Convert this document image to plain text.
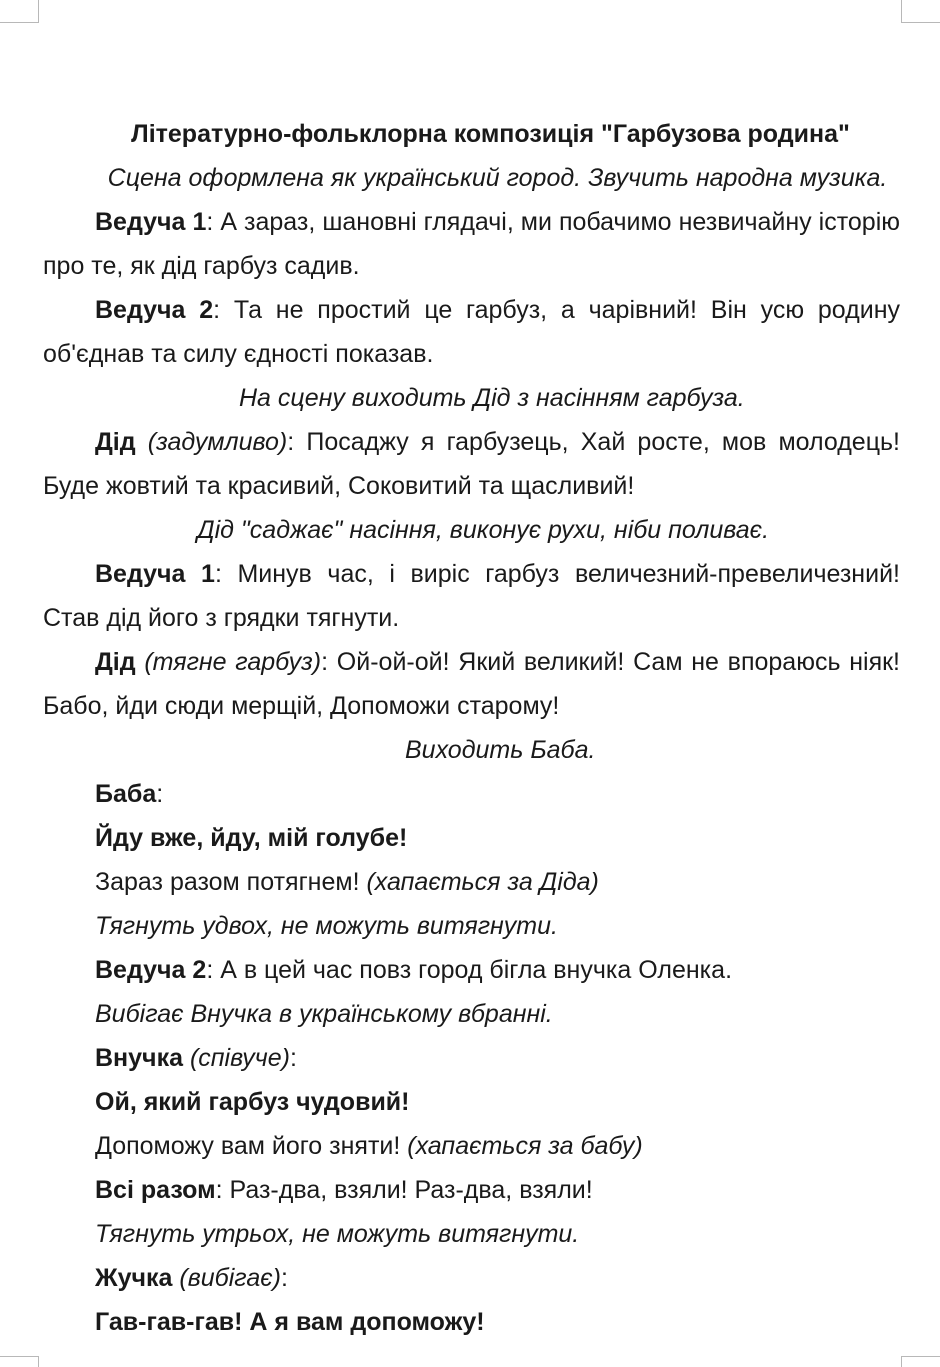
Літературно-фольклорна композиція "Гарбузова родина"

Сцена оформлена як український город. Звучить народна музика.

Ведуча 1: А зараз, шановні глядачі, ми побачимо незвичайну історію про те, як дід гарбуз садив.

Ведуча 2: Та не простий це гарбуз, а чарівний! Він усю родину об'єднав та силу єдності показав.

На сцену виходить Дід з насінням гарбуза.

Дід (задумливо): Посаджу я гарбузець, Хай росте, мов молодець! Буде жовтий та красивий, Соковитий та щасливий!

Дід "саджає" насіння, виконує рухи, ніби поливає.

Ведуча 1: Минув час, і виріс гарбуз величезний-превеличезний! Став дід його з грядки тягнути.

Дід (тягне гарбуз): Ой-ой-ой! Який великий! Сам не впораюсь ніяк! Бабо, йди сюди мерщій, Допоможи старому!

Виходить Баба.

Баба:

Йду вже, йду, мій голубе!

Зараз разом потягнем! (хапається за Діда)

Тягнуть удвох, не можуть витягнути.

Ведуча 2: А в цей час повз город бігла внучка Оленка.

Вибігає Внучка в українському вбранні.

Внучка (співуче):

Ой, який гарбуз чудовий!

Допоможу вам його зняти! (хапається за бабу)

Всі разом: Раз-два, взяли! Раз-два, взяли!

Тягнуть утрьох, не можуть витягнути.

Жучка (вибігає):

Гав-гав-гав! А я вам допоможу!
